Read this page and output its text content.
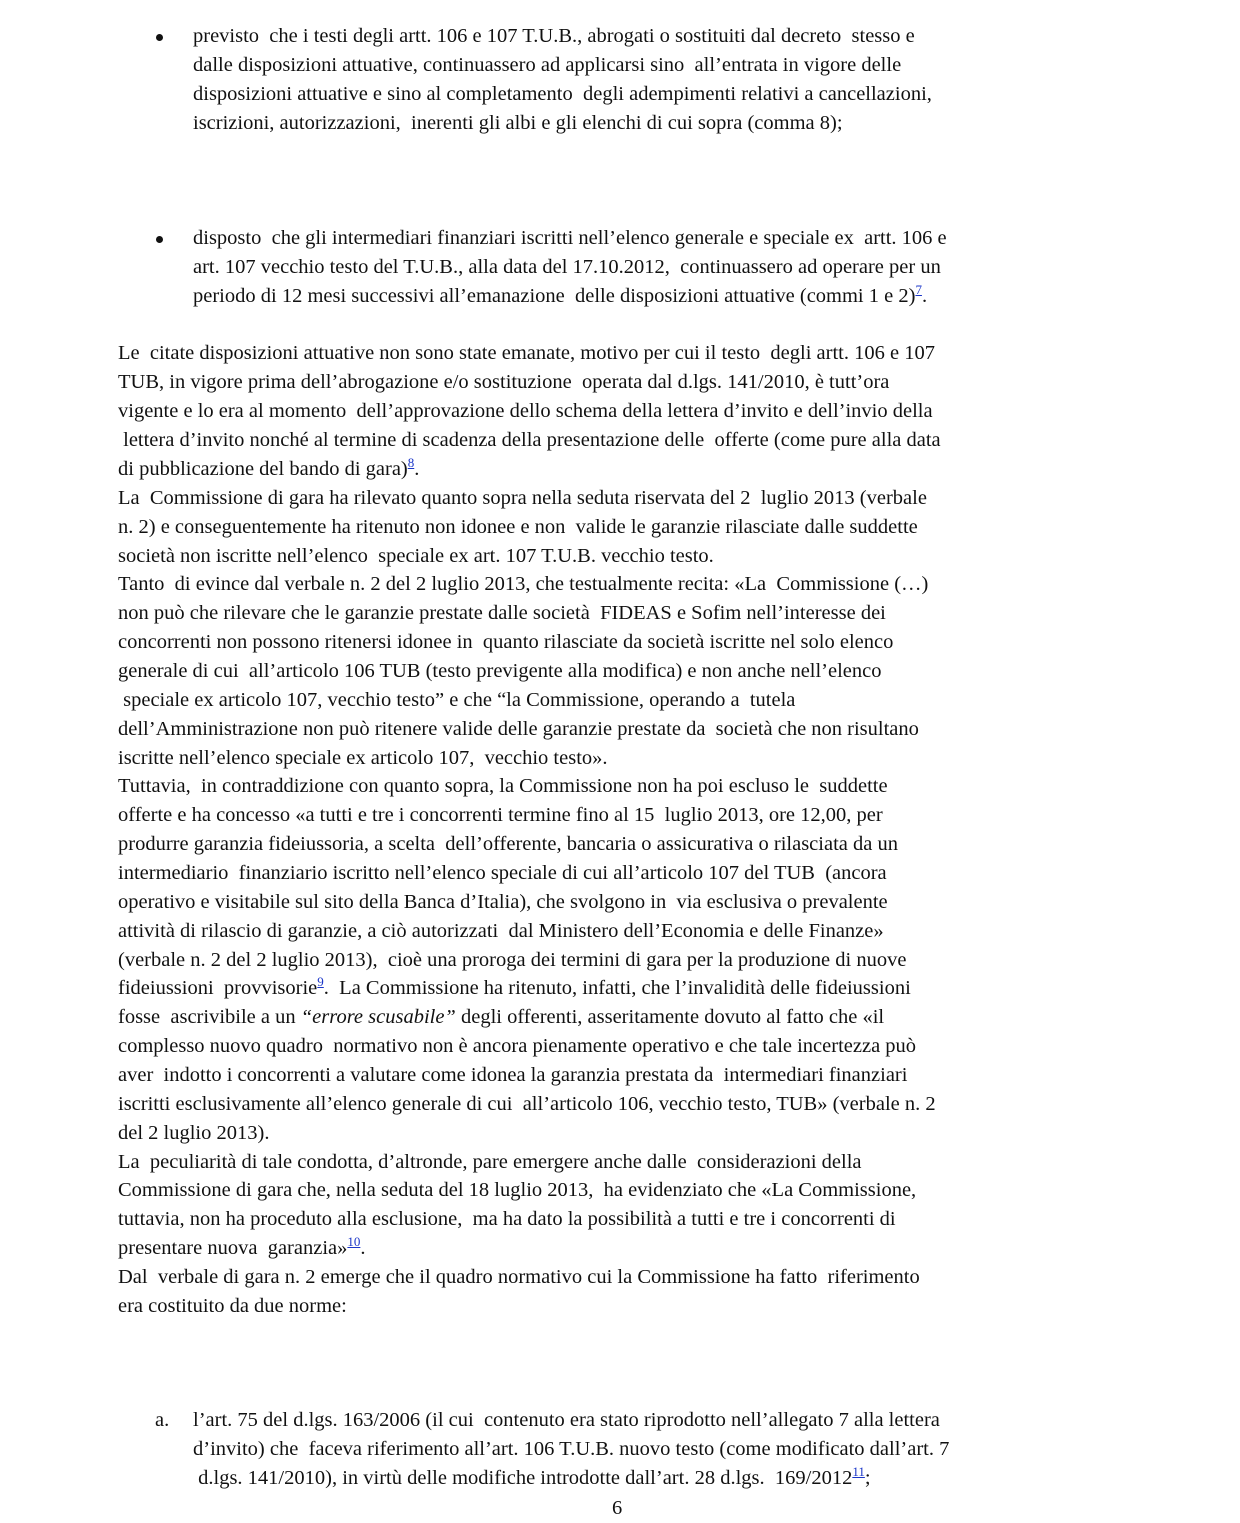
previsto  che i testi degli artt. 106 e 107 T.U.B., abrogati o sostituiti dal decreto  stesso e
dalle disposizioni attuative, continuassero ad applicarsi sino  all’entrata in vigore delle
disposizioni attuative e sino al completamento  degli adempimenti relativi a cancellazioni,
iscrizioni, autorizzazioni,  inerenti gli albi e gli elenchi di cui sopra (comma 8);
disposto  che gli intermediari finanziari iscritti nell’elenco generale e speciale ex  artt. 106 e
art. 107 vecchio testo del T.U.B., alla data del 17.10.2012,  continuassero ad operare per un
periodo di 12 mesi successivi all’emanazione  delle disposizioni attuative (commi 1 e 2)$^7$.
Le  citate disposizioni attuative non sono state emanate, motivo per cui il testo  degli artt. 106 e 107
TUB, in vigore prima dell’abrogazione e/o sostituzione  operata dal d.lgs. 141/2010, è tutt’ora
vigente e lo era al momento  dell’approvazione dello schema della lettera d’invito e dell’invio della
lettera d’invito nonché al termine di scadenza della presentazione delle  offerte (come pure alla data
di pubblicazione del bando di gara)$^8$.
La  Commissione di gara ha rilevato quanto sopra nella seduta riservata del 2  luglio 2013 (verbale
n. 2) e conseguentemente ha ritenuto non idonee e non  valide le garanzie rilasciate dalle suddette
società non iscritte nell’elenco  speciale ex art. 107 T.U.B. vecchio testo.
Tanto  di evince dal verbale n. 2 del 2 luglio 2013, che testualmente recita: «La  Commissione (…)
non può che rilevare che le garanzie prestate dalle società  FIDEAS e Sofim nell’interesse dei
concorrenti non possono ritenersi idonee in  quanto rilasciate da società iscritte nel solo elenco
generale di cui  all’articolo 106 TUB (testo previgente alla modifica) e non anche nell’elenco
speciale ex articolo 107, vecchio testo” e che “la Commissione, operando a  tutela
dell’Amministrazione non può ritenere valide delle garanzie prestate da  società che non risultano
iscritte nell’elenco speciale ex articolo 107,  vecchio testo».
Tuttavia,  in contraddizione con quanto sopra, la Commissione non ha poi escluso le  suddette
offerte e ha concesso «a tutti e tre i concorrenti termine fino al 15  luglio 2013, ore 12,00, per
produrre garanzia fideiussoria, a scelta  dell’offerente, bancaria o assicurativa o rilasciata da un
intermediario  finanziario iscritto nell’elenco speciale di cui all’articolo 107 del TUB  (ancora
operativo e visitabile sul sito della Banca d’Italia), che svolgono in  via esclusiva o prevalente
attività di rilascio di garanzie, a ciò autorizzati  dal Ministero dell’Economia e delle Finanze»
(verbale n. 2 del 2 luglio 2013),  cioè una proroga dei termini di gara per la produzione di nuove
fideiussioni  provvisorie$^9$.  La Commissione ha ritenuto, infatti, che l’invalidità delle fideiussioni
fosse  ascrivibile a un “errore scusabile” degli offerenti, asseritamente dovuto al fatto che «il
complesso nuovo quadro  normativo non è ancora pienamente operativo e che tale incertezza può
aver  indotto i concorrenti a valutare come idonea la garanzia prestata da  intermediari finanziari
iscritti esclusivamente all’elenco generale di cui  all’articolo 106, vecchio testo, TUB» (verbale n. 2
del 2 luglio 2013).
La  peculiarità di tale condotta, d’altronde, pare emergere anche dalle  considerazioni della
Commissione di gara che, nella seduta del 18 luglio 2013,  ha evidenziato che «La Commissione,
tuttavia, non ha proceduto alla esclusione,  ma ha dato la possibilità a tutti e tre i concorrenti di
presentare nuova  garanzia»$^{10}$.
Dal  verbale di gara n. 2 emerge che il quadro normativo cui la Commissione ha fatto  riferimento
era costituito da due norme:
a. l’art. 75 del d.lgs. 163/2006 (il cui  contenuto era stato riprodotto nell’allegato 7 alla lettera
d’invito) che  faceva riferimento all’art. 106 T.U.B. nuovo testo (come modificato dall’art. 7
d.lgs. 141/2010), in virtù delle modifiche introdotte dall’art. 28 d.lgs.  169/2012$^{11}$;
6
